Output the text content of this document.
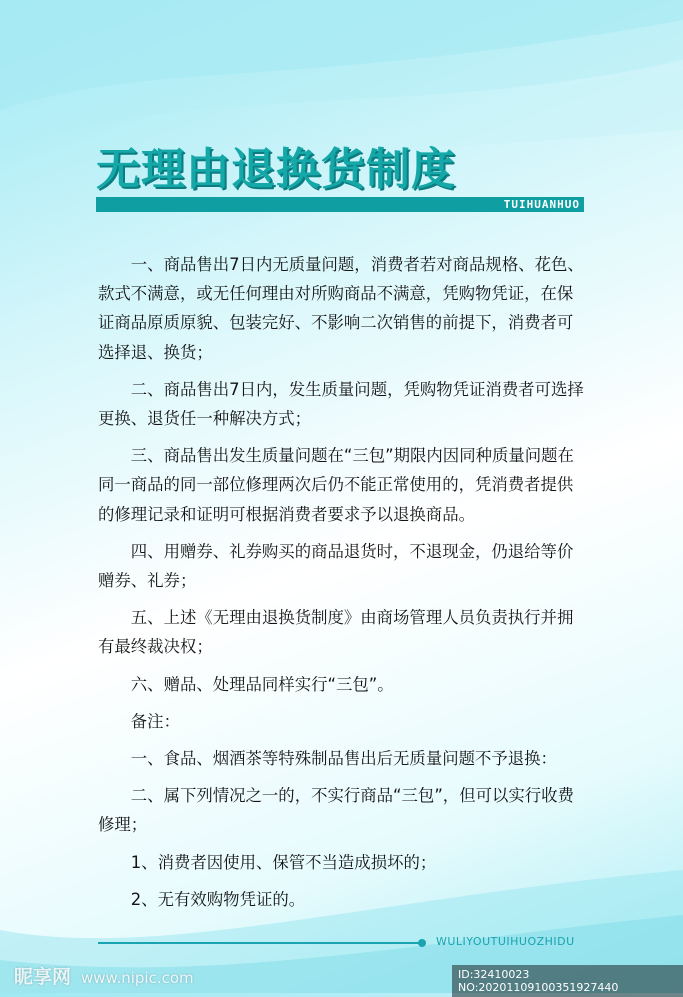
无理由退换货制度
TUIHUANHUO

一、商品售出7日内无质量问题，消费者若对商品规格、花色、款式不满意，或无任何理由对所购商品不满意，凭购物凭证，在保证商品原质原貌、包装完好、不影响二次销售的前提下，消费者可选择退、换货；

二、商品售出7日内，发生质量问题，凭购物凭证消费者可选择更换、退货任一种解决方式；

三、商品售出发生质量问题在“三包”期限内因同种质量问题在同一商品的同一部位修理两次后仍不能正常使用的，凭消费者提供的修理记录和证明可根据消费者要求予以退换商品。

四、用赠券、礼券购买的商品退货时，不退现金，仍退给等价赠券、礼券；

五、上述《无理由退换货制度》由商场管理人员负责执行并拥有最终裁决权；

六、赠品、处理品同样实行“三包”。

备注：

一、食品、烟酒茶等特殊制品售出后无质量问题不予退换：

二、属下列情况之一的，不实行商品“三包”，但可以实行收费修理；

1、消费者因使用、保管不当造成损坏的；

2、无有效购物凭证的。

WULIYOUTUIHUOZHIDU
昵享网 www.nipic.com	ID:32410023 NO:20201109100351927440
